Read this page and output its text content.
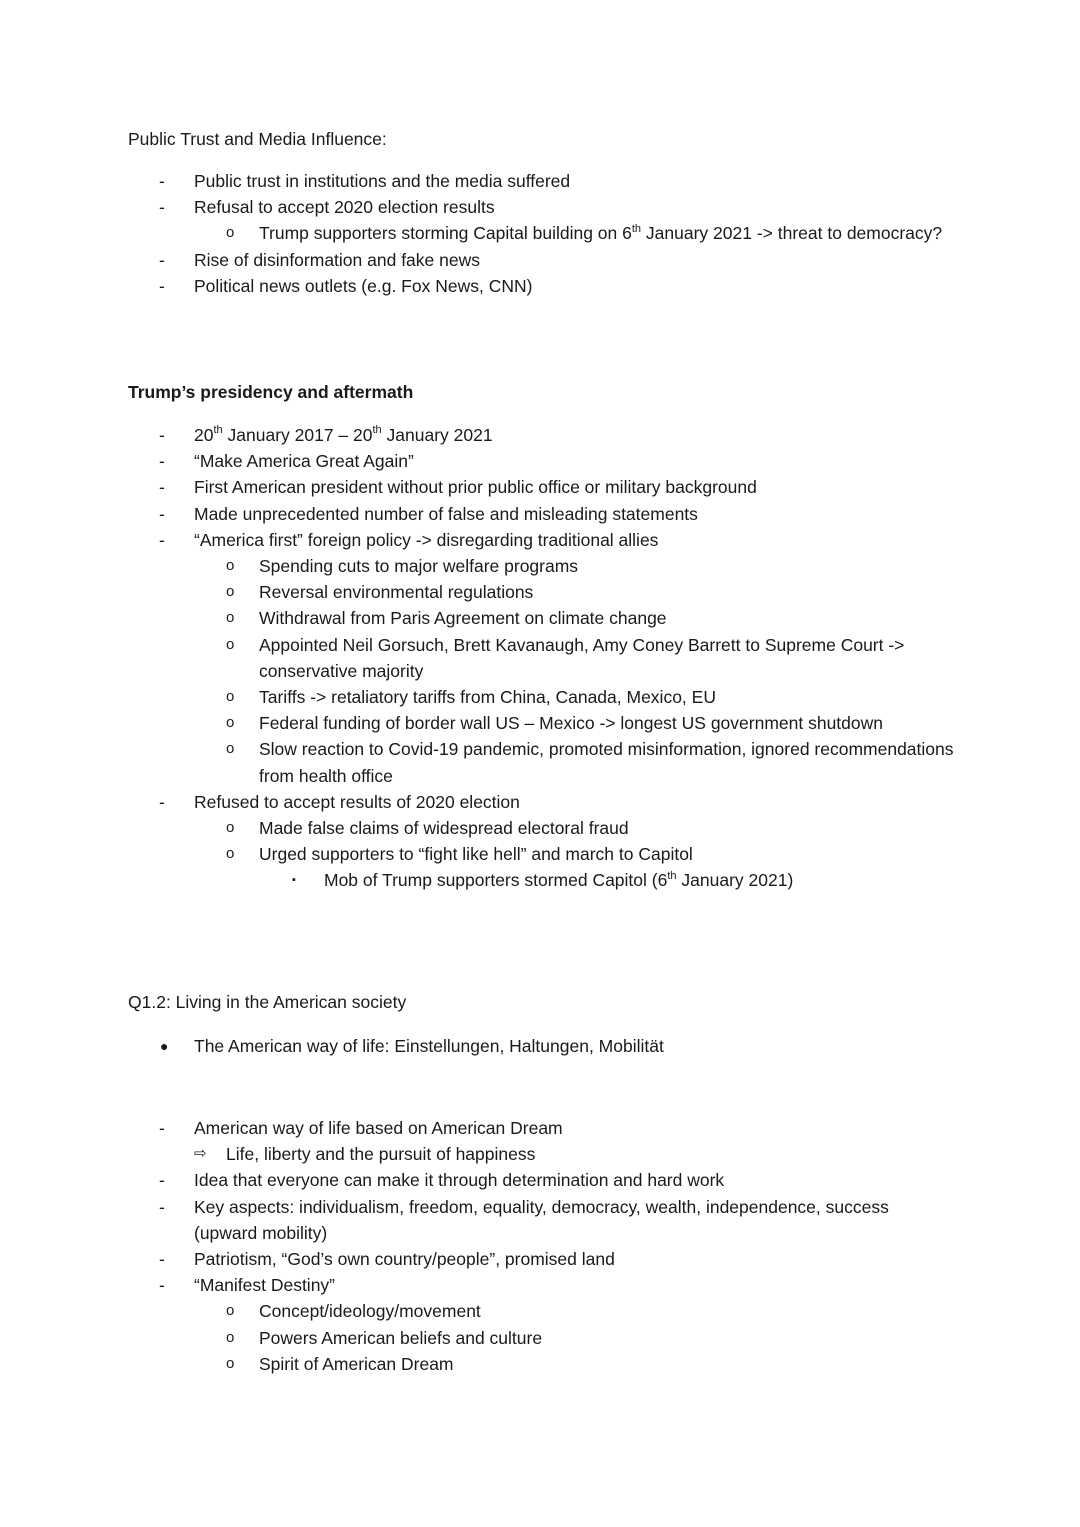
Public Trust and Media Influence:
- Public trust in institutions and the media suffered
- Refusal to accept 2020 election results
o Trump supporters storming Capital building on 6th January 2021 -> threat to democracy?
- Rise of disinformation and fake news
- Political news outlets (e.g. Fox News, CNN)
Trump’s presidency and aftermath
- 20th January 2017 – 20th January 2021
- “Make America Great Again”
- First American president without prior public office or military background
- Made unprecedented number of false and misleading statements
- “America first” foreign policy -> disregarding traditional allies
o Spending cuts to major welfare programs
o Reversal environmental regulations
o Withdrawal from Paris Agreement on climate change
o Appointed Neil Gorsuch, Brett Kavanaugh, Amy Coney Barrett to Supreme Court -> conservative majority
o Tariffs -> retaliatory tariffs from China, Canada, Mexico, EU
o Federal funding of border wall US – Mexico -> longest US government shutdown
o Slow reaction to Covid-19 pandemic, promoted misinformation, ignored recommendations from health office
- Refused to accept results of 2020 election
o Made false claims of widespread electoral fraud
o Urged supporters to “fight like hell” and march to Capitol
▪ Mob of Trump supporters stormed Capitol (6th January 2021)
Q1.2: Living in the American society
● The American way of life: Einstellungen, Haltungen, Mobilität
- American way of life based on American Dream
⇨ Life, liberty and the pursuit of happiness
- Idea that everyone can make it through determination and hard work
- Key aspects: individualism, freedom, equality, democracy, wealth, independence, success (upward mobility)
- Patriotism, “God’s own country/people”, promised land
- “Manifest Destiny”
o Concept/ideology/movement
o Powers American beliefs and culture
o Spirit of American Dream
